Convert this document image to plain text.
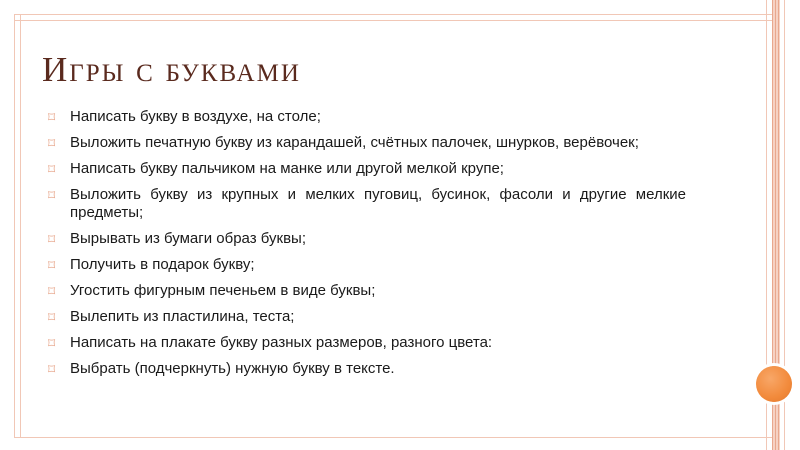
Игры с буквами
⌑ Написать букву в воздухе, на столе;
⌑ Выложить печатную букву из карандашей, счётных палочек, шнурков, верёвочек;
⌑ Написать букву пальчиком на манке или другой мелкой крупе;
⌑ Выложить букву из крупных и мелких пуговиц, бусинок, фасоли и другие мелкие предметы;
⌑ Вырывать из бумаги образ буквы;
⌑ Получить в подарок букву;
⌑ Угостить фигурным печеньем в виде буквы;
⌑ Вылепить из пластилина, теста;
⌑ Написать на плакате букву разных размеров, разного цвета:
⌑ Выбрать (подчеркнуть) нужную букву в тексте.
